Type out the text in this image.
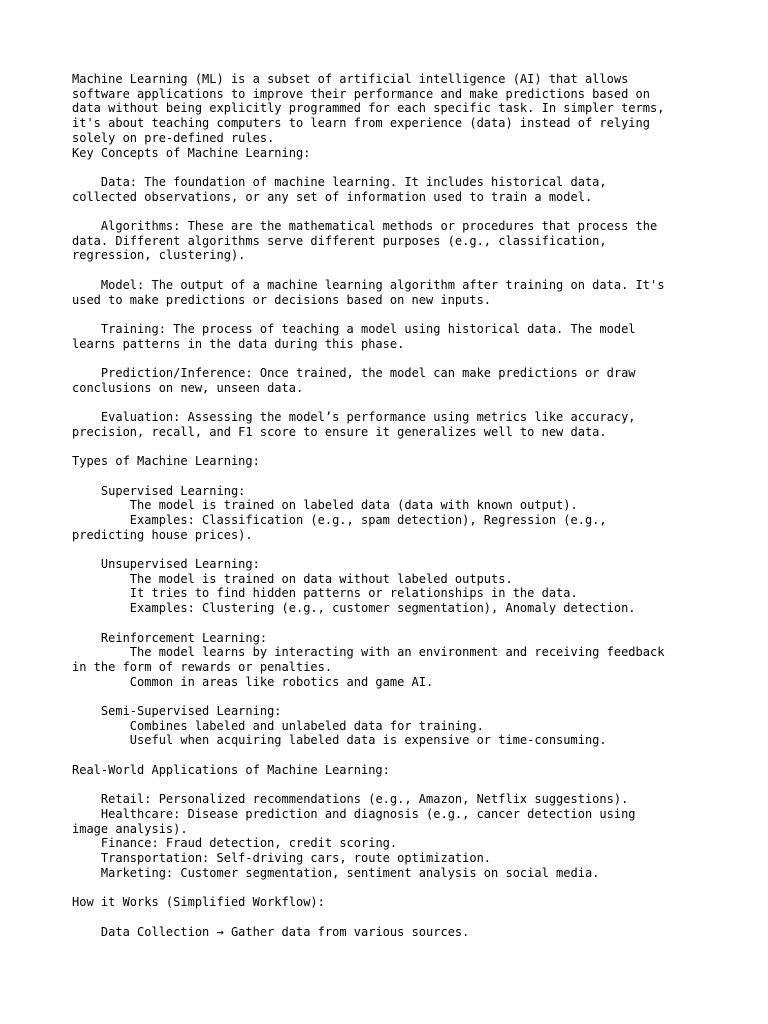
Machine Learning (ML) is a subset of artificial intelligence (AI) that allows
software applications to improve their performance and make predictions based on
data without being explicitly programmed for each specific task. In simpler terms,
it's about teaching computers to learn from experience (data) instead of relying
solely on pre-defined rules.
Key Concepts of Machine Learning:
Data: The foundation of machine learning. It includes historical data,
collected observations, or any set of information used to train a model.
Algorithms: These are the mathematical methods or procedures that process the
data. Different algorithms serve different purposes (e.g., classification,
regression, clustering).
Model: The output of a machine learning algorithm after training on data. It's
used to make predictions or decisions based on new inputs.
Training: The process of teaching a model using historical data. The model
learns patterns in the data during this phase.
Prediction/Inference: Once trained, the model can make predictions or draw
conclusions on new, unseen data.
Evaluation: Assessing the model’s performance using metrics like accuracy,
precision, recall, and F1 score to ensure it generalizes well to new data.
Types of Machine Learning:
Supervised Learning:
The model is trained on labeled data (data with known output).
Examples: Classification (e.g., spam detection), Regression (e.g.,
predicting house prices).
Unsupervised Learning:
The model is trained on data without labeled outputs.
It tries to find hidden patterns or relationships in the data.
Examples: Clustering (e.g., customer segmentation), Anomaly detection.
Reinforcement Learning:
The model learns by interacting with an environment and receiving feedback
in the form of rewards or penalties.
Common in areas like robotics and game AI.
Semi-Supervised Learning:
Combines labeled and unlabeled data for training.
Useful when acquiring labeled data is expensive or time-consuming.
Real-World Applications of Machine Learning:
Retail: Personalized recommendations (e.g., Amazon, Netflix suggestions).
Healthcare: Disease prediction and diagnosis (e.g., cancer detection using
image analysis).
Finance: Fraud detection, credit scoring.
Transportation: Self-driving cars, route optimization.
Marketing: Customer segmentation, sentiment analysis on social media.
How it Works (Simplified Workflow):
Data Collection → Gather data from various sources.
